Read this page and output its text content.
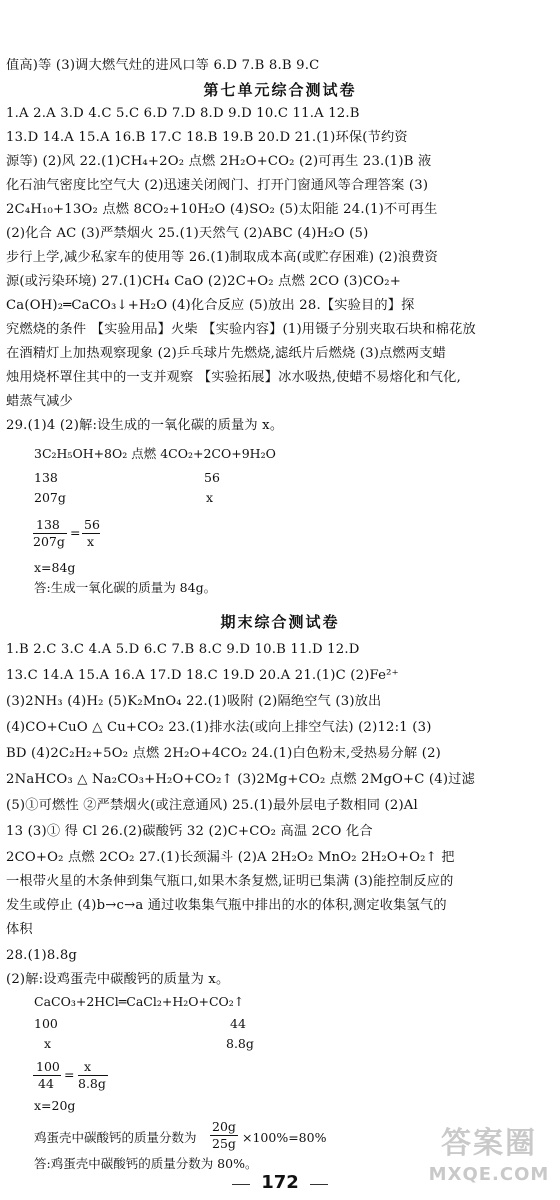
值高)等 (3)调大燃气灶的进风口等 6.D 7.B 8.B 9.C
第七单元综合测试卷
1.A 2.A 3.D 4.C 5.C 6.D 7.D 8.D 9.D 10.C 11.A 12.B
13.D 14.A 15.A 16.B 17.C 18.B 19.B 20.D 21.(1)环保(节约资
源等) (2)风 22.(1)CH₄+2O₂ 点燃 2H₂O+CO₂ (2)可再生 23.(1)B 液
化石油气密度比空气大 (2)迅速关闭阀门、打开门窗通风等合理答案 (3)
2C₄H₁₀+13O₂ 点燃 8CO₂+10H₂O (4)SO₂ (5)太阳能 24.(1)不可再生
(2)化合 AC (3)严禁烟火 25.(1)天然气 (2)ABC (4)H₂O (5)
步行上学,减少私家车的使用等 26.(1)制取成本高(或贮存困难) (2)浪费资
源(或污染环境) 27.(1)CH₄ CaO (2)2C+O₂ 点燃 2CO (3)CO₂+
Ca(OH)₂═CaCO₃↓+H₂O (4)化合反应 (5)放出 28.【实验目的】探
究燃烧的条件 【实验用品】火柴 【实验内容】(1)用镊子分别夹取石块和棉花放
在酒精灯上加热观察现象 (2)乒乓球片先燃烧,滤纸片后燃烧 (3)点燃两支蜡
烛用烧杯罩住其中的一支并观察 【实验拓展】冰水吸热,使蜡不易熔化和气化,
蜡蒸气减少
29.(1)4 (2)解:设生成的一氧化碳的质量为 x。
3C₂H₅OH+8O₂ 点燃 4CO₂+2CO+9H₂O
138	56
207g	x
138
207g
=
56
x
x=84g
答:生成一氧化碳的质量为 84g。
期末综合测试卷
1.B 2.C 3.C 4.A 5.D 6.C 7.B 8.C 9.D 10.B 11.D 12.D
13.C 14.A 15.A 16.A 17.D 18.C 19.D 20.A 21.(1)C (2)Fe²⁺
(3)2NH₃ (4)H₂ (5)K₂MnO₄ 22.(1)吸附 (2)隔绝空气 (3)放出
(4)CO+CuO △ Cu+CO₂ 23.(1)排水法(或向上排空气法) (2)12:1 (3)
BD (4)2C₂H₂+5O₂ 点燃 2H₂O+4CO₂ 24.(1)白色粉末,受热易分解 (2)
2NaHCO₃ △ Na₂CO₃+H₂O+CO₂↑ (3)2Mg+CO₂ 点燃 2MgO+C (4)过滤
(5)①可燃性 ②严禁烟火(或注意通风) 25.(1)最外层电子数相同 (2)Al
13 (3)① 得 Cl 26.(2)碳酸钙 32 (2)C+CO₂ 高温 2CO 化合
2CO+O₂ 点燃 2CO₂ 27.(1)长颈漏斗 (2)A 2H₂O₂ MnO₂ 2H₂O+O₂↑ 把
一根带火星的木条伸到集气瓶口,如果木条复燃,证明已集满 (3)能控制反应的
发生或停止 (4)b→c→a 通过收集集气瓶中排出的水的体积,测定收集氢气的
体积
28.(1)8.8g
(2)解:设鸡蛋壳中碳酸钙的质量为 x。
CaCO₃+2HCl═CaCl₂+H₂O+CO₂↑
100	44
x	8.8g
100
44
=
x
8.8g
x=20g
鸡蛋壳中碳酸钙的质量分数为
20g
25g ×100%=80%
答:鸡蛋壳中碳酸钙的质量分数为 80%。
172
答案圈
MXQE.COM
